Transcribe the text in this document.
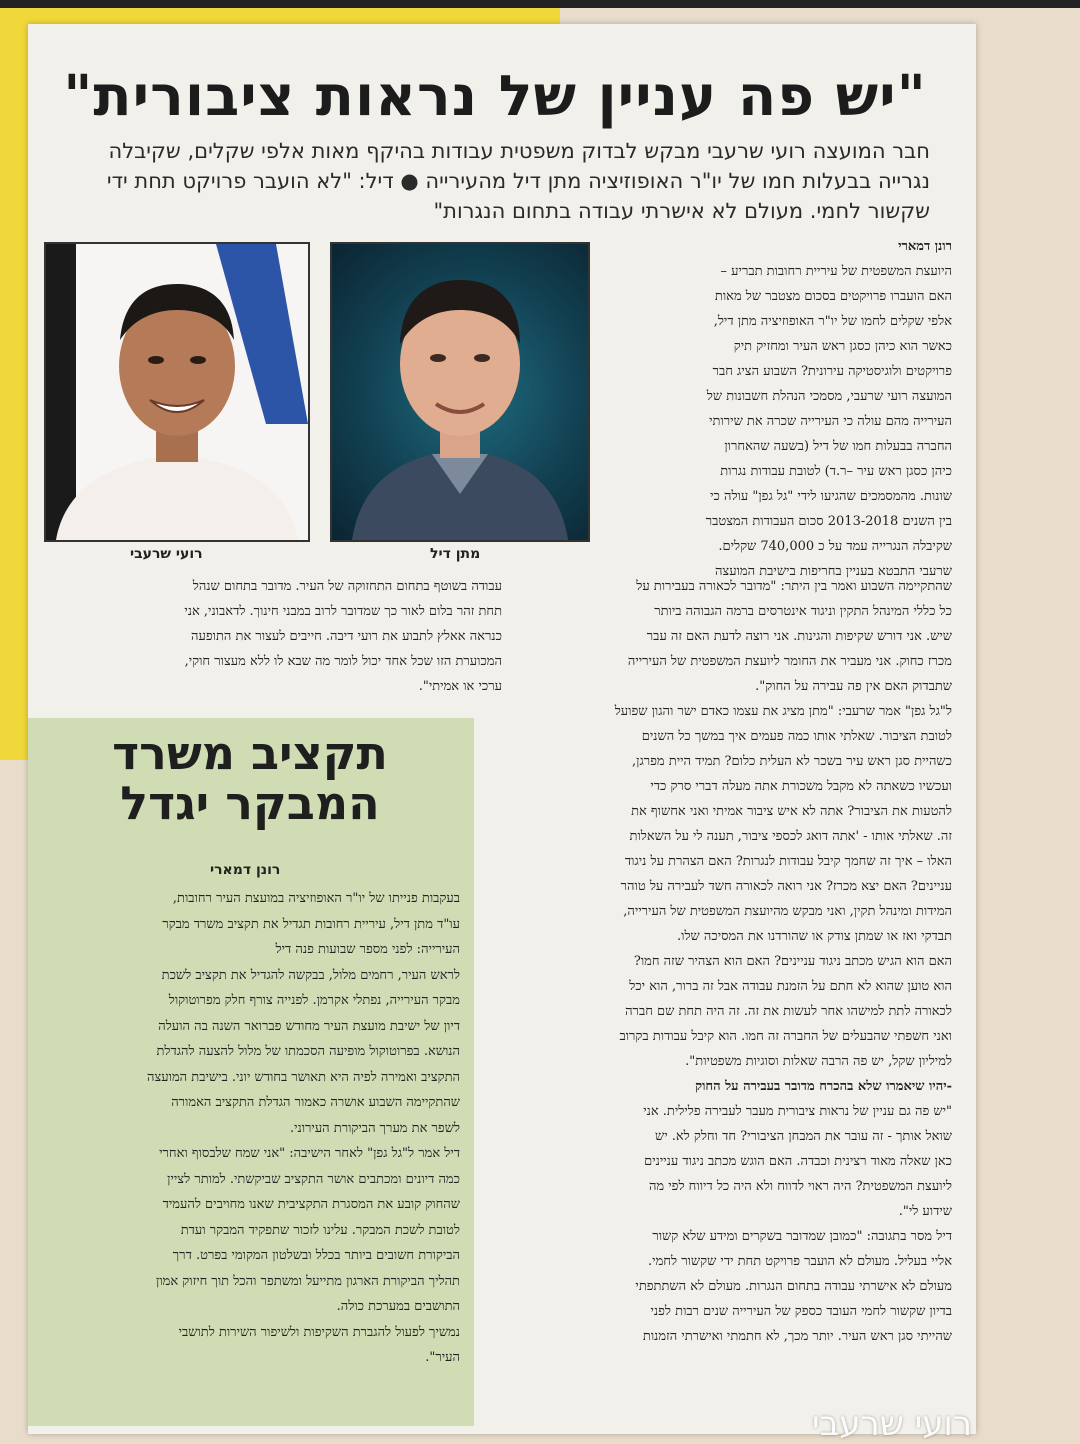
"יש פה עניין של נראות ציבורית"

חבר המועצה רועי שרעבי מבקש לבדוק משפטית עבודות בהיקף מאות אלפי שקלים, שקיבלה

נגרייה בבעלות חמו של יו"ר האופוזיציה מתן דיל מהעירייה ● דיל: "לא הועבר פרויקט תחת ידי

שקשור לחמי. מעולם לא אישרתי עבודה בתחום הנגרות"

רונן דמארי

היועצת המשפטית של עיריית רחובות תבריע –

האם הועברו פרויקטים בסכום מצטבר של מאות

אלפי שקלים לחמו של יו"ר האופוזיציה מתן דיל,

כאשר הוא כיהן כסגן ראש העיר ומחזיק תיק

פרויקטים ולוגיסטיקה עירונית? השבוע הציג חבר

המועצה רועי שרעבי, מסמכי הנהלת חשבונות של

העירייה מהם עולה כי העירייה שכרה את שירותי

החברה בבעלות חמו של דיל (בשעה שהאחרון

כיהן כסגן ראש עיר –ר.ד) לטובת עבודות נגרות

שונות. מהמסמכים שהגיעו לידי "גל גפן" עולה כי

בין השנים 2013-2018 סכום העבודות המצטבר

שקיבלה הנגרייה עמד על כ 740,000 שקלים.

שרעבי התבטא בעניין בחריפות בישיבת המועצה

מתן דיל
רועי שרעבי

עבודה בשוטף בתחום התחזוקה של העיר. מדובר בתחום שנהל

תחת זהר בלום לאור כך שמדובר לרוב במבני חינוך. לדאבוני, אני

כנראה אאלץ לתבוע את רועי דיבה. חייבים לעצור את התופעה

המכוערת הזו שכל אחד יכול לומר מה שבא לו ללא מעצור חוקי,

ערכי או אמיתי".

שהתקיימה השבוע ואמר בין היתר: "מדובר לכאורה בעבירות על

כל כללי המינהל התקין וניגוד אינטרסים ברמה הגבוהה ביותר

שיש. אני דורש שקיפות והגינות. אני רוצה לדעת האם זה עבר

מכרז כחוק. אני מעביר את החומר ליועצת המשפטית של העירייה

שתבדוק האם אין פה עבירה על החוק".

ל"גל גפן" אמר שרעבי: "מתן מציג את עצמו כאדם ישר והגון שפועל

לטובת הציבור. שאלתי אותו כמה פעמים איך במשך כל השנים

כשהיית סגן ראש עיר בשכר לא העלית כלום? תמיד היית מפרגן,

ועכשיו כשאתה לא מקבל משכורת אתה מעלה דברי סרק כדי

להטעות את הציבור? אתה לא איש ציבור אמיתי ואני אחשוף את

זה. שאלתי אותו - 'אתה דואג לכספי ציבור, תענה לי על השאלות

האלו – איך זה שחמך קיבל עבודות לנגרות? האם הצהרת על ניגוד

עניינים? האם יצא מכרז? אני רואה לכאורה חשד לעבירה על טוהר

המידות ומינהל תקין, ואני מבקש מהיועצת המשפטית של העירייה,

תבדקי ואז או שמתן צודק או שהורדנו את המסיכה שלו.

האם הוא הגיש מכתב ניגוד עניינים? האם הוא הצהיר שזה חמו?

הוא טוען שהוא לא חתם על הזמנת עבודה אבל זה ברור, הוא יכל

לכאורה לתת למישהו אחר לעשות את זה. זה היה תחת שם חברה

ואני חשפתי שהבעלים של החברה זה חמו. הוא קיבל עבודות בקרוב

למיליון שקל, יש פה הרבה שאלות וסוגיות משפטיות".

-יהיו שיאמרו שלא בהכרח מדובר בעבירה על החוק

"יש פה גם עניין של נראות ציבורית מעבר לעבירה פלילית. אני

שואל אותך - זה עובר את המבחן הציבורי? חד וחלק לא. יש

כאן שאלה מאוד רצינית וכבדה. האם הוגש מכתב ניגוד עניינים

ליועצת המשפטית? היה ראוי לדווח ולא היה כל דיווח לפי מה

שידוע לי".

דיל מסר בתגובה: "כמובן שמדובר בשקרים ומידע שלא קשור

אליי בעליל. מעולם לא הועבר פרויקט תחת ידי שקשור לחמי.

מעולם לא אישרתי עבודה בתחום הנגרות. מעולם לא השתתפתי

בדיון שקשור לחמי העובד כספק של העירייה שנים רבות לפני

שהייתי סגן ראש העיר. יותר מכך, לא חתמתי ואישרתי הזמנות

תקציב משרד
המבקר יגדל
רונן דמארי

בעקבות פנייתו של יו"ר האופוזיציה במועצת העיר רחובות,

עו"ד מתן דיל, עיריית רחובות תגדיל את תקציב משרד מבקר

העירייה: לפני מספר שבועות פנה דיל

לראש העיר, רחמים מלול, בבקשה להגדיל את תקציב לשכת

מבקר העירייה, נפתלי אקרמן. לפנייה צורף חלק מפרוטוקול

דיון של ישיבת מועצת העיר מחודש פברואר השנה בה הועלה

הנושא. בפרוטוקול מופיעה הסכמתו של מלול להצעה להגדלת

התקציב ואמירה לפיה היא תאושר בחודש יוני. בישיבת המועצה

שהתקיימה השבוע אושרה כאמור הגדלת התקציב האמורה

לשפר את מערך הביקורת העירוני.

דיל אמר ל"גל גפן" לאחר הישיבה: "אני שמח שלבסוף ואחרי

כמה דיונים ומכתבים אושר התקציב שביקשתי. למותר לציין

שהחוק קובע את המסגרת התקציבית שאנו מחויבים להעמיד

לטובת לשכת המבקר. עלינו לזכור שתפקיד המבקר ועדת

הביקורת חשובים ביותר בכלל ובשלטון המקומי בפרט. דרך

תהליך הביקורת הארגון מתייעל ומשתפר והכל תוך חיזוק אמון

התושבים במערכת כולה.

נמשיך לפעול להגברת השקיפות ולשיפור השירות לתושבי

העיר".

רועי שרעבי
